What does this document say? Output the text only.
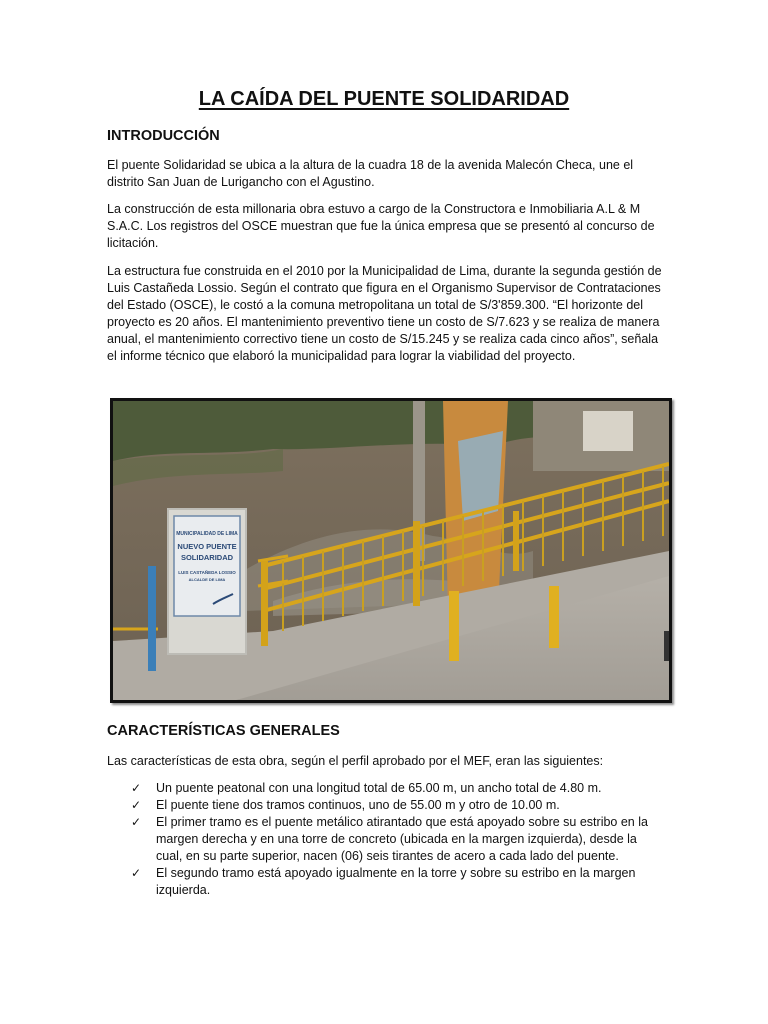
LA CAÍDA DEL PUENTE SOLIDARIDAD
INTRODUCCIÓN

El puente Solidaridad se ubica a la altura de la cuadra 18 de la avenida Malecón Checa, une el distrito San Juan de Lurigancho con el Agustino.

La construcción de esta millonaria obra estuvo a cargo de la Constructora e Inmobiliaria A.L & M S.A.C. Los registros del OSCE muestran que fue la única empresa que se presentó al concurso de licitación.

La estructura fue construida en el 2010 por la Municipalidad de Lima, durante la segunda gestión de Luis Castañeda Lossio. Según el contrato que figura en el Organismo Supervisor de Contrataciones del Estado (OSCE), le costó a la comuna metropolitana un total de S/3'859.300. “El horizonte del proyecto es 20 años. El mantenimiento preventivo tiene un costo de S/7.623 y se realiza de manera anual, el mantenimiento correctivo tiene un costo de S/15.245 y se realiza cada cinco años”, señala el informe técnico que elaboró la municipalidad para lograr la viabilidad del proyecto.

MUNICIPALIDAD DE LIMA
NUEVO PUENTE
SOLIDARIDAD
LUIS CASTAÑEDA LOSSIO
ALCALDE DE LIMA
CARACTERÍSTICAS GENERALES

Las características de esta obra, según el perfil aprobado por el MEF, eran las siguientes:

✓ Un puente peatonal con una longitud total de 65.00 m, un ancho total de 4.80 m.
✓ El puente tiene dos tramos continuos, uno de 55.00 m y otro de 10.00 m.
✓ El primer tramo es el puente metálico atirantado que está apoyado sobre su estribo en la margen derecha y en una torre de concreto (ubicada en la margen izquierda), desde la cual, en su parte superior, nacen (06) seis tirantes de acero a cada lado del puente.
✓ El segundo tramo está apoyado igualmente en la torre y sobre su estribo en la margen izquierda.
